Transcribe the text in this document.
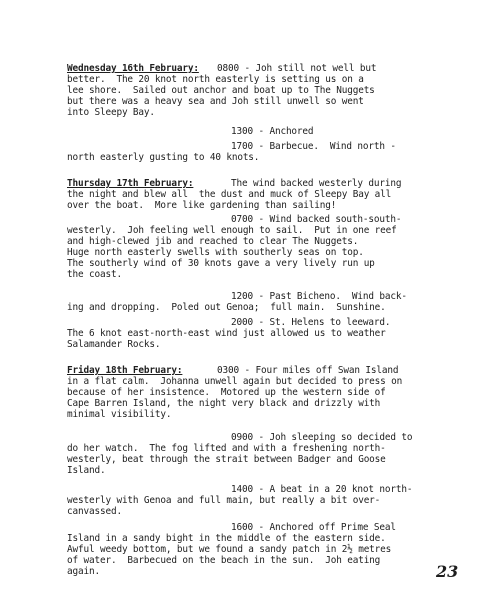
Wednesday 16th February: 0800 - Joh still not well but
better.  The 20 knot north easterly is setting us on a
lee shore.  Sailed out anchor and boat up to The Nuggets
but there was a heavy sea and Joh still unwell so went
into Sleepy Bay.
1300 - Anchored
1700 - Barbecue.  Wind north -
north easterly gusting to 40 knots.
Thursday 17th February:	The wind backed westerly during
the night and blew all  the dust and muck of Sleepy Bay all
over the boat.  More like gardening than sailing!
0700 - Wind backed south-south-
westerly.  Joh feeling well enough to sail.  Put in one reef
and high-clewed jib and reached to clear The Nuggets.
Huge north easterly swells with southerly seas on top.
The southerly wind of 30 knots gave a very lively run up
the coast.
1200 - Past Bicheno.  Wind back-
ing and dropping.  Poled out Genoa;  full main.  Sunshine.
2000 - St. Helens to leeward.
The 6 knot east-north-east wind just allowed us to weather
Salamander Rocks.
Friday 18th February:	0300 - Four miles off Swan Island
in a flat calm.  Johanna unwell again but decided to press on
because of her insistence.  Motored up the western side of
Cape Barren Island, the night very black and drizzly with
minimal visibility.
0900 - Joh sleeping so decided to
do her watch.  The fog lifted and with a freshening north-
westerly, beat through the strait between Badger and Goose
Island.
1400 - A beat in a 20 knot north-
westerly with Genoa and full main, but really a bit over-
canvassed.
1600 - Anchored off Prime Seal
Island in a sandy bight in the middle of the eastern side.
Awful weedy bottom, but we found a sandy patch in 2½ metres
of water.  Barbecued on the beach in the sun.  Joh eating
again.	23
